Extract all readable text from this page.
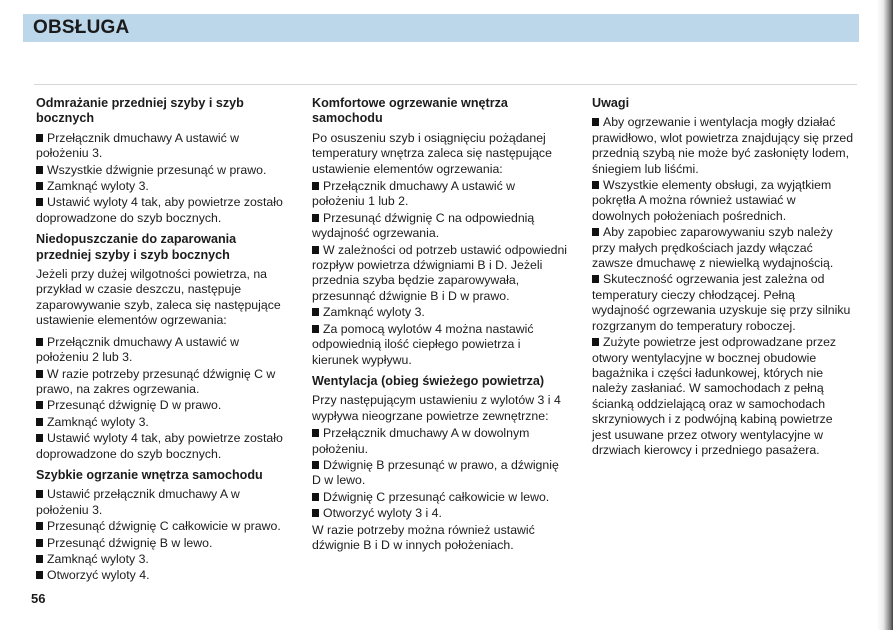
OBSŁUGA
Odmrażanie przedniej szyby i szyb bocznych
Przełącznik dmuchawy A ustawić w położeniu 3.
Wszystkie dźwignie przesunąć w prawo.
Zamknąć wyloty 3.
Ustawić wyloty 4 tak, aby powietrze zostało doprowadzone do szyb bocznych.
Niedopuszczanie do zaparowania przedniej szyby i szyb bocznych
Jeżeli przy dużej wilgotności powietrza, na przykład w czasie deszczu, następuje zaparowywanie szyb, zaleca się następujące ustawienie elementów ogrzewania:
Przełącznik dmuchawy A ustawić w położeniu 2 lub 3.
W razie potrzeby przesunąć dźwignię C w prawo, na zakres ogrzewania.
Przesunąć dźwignię D w prawo.
Zamknąć wyloty 3.
Ustawić wyloty 4 tak, aby powietrze zostało doprowadzone do szyb bocznych.
Szybkie ogrzanie wnętrza samochodu
Ustawić przełącznik dmuchawy A w położeniu 3.
Przesunąć dźwignię C całkowicie w prawo.
Przesunąć dźwignię B w lewo.
Zamknąć wyloty 3.
Otworzyć wyloty 4.
Komfortowe ogrzewanie wnętrza samochodu
Po osuszeniu szyb i osiągnięciu pożądanej temperatury wnętrza zaleca się następujące ustawienie elementów ogrzewania:
Przełącznik dmuchawy A ustawić w położeniu 1 lub 2.
Przesunąć dźwignię C na odpowiednią wydajność ogrzewania.
W zależności od potrzeb ustawić odpowiedni rozpływ powietrza dźwigniami B i D. Jeżeli przednia szyba będzie zaparowywała, przesunnąć dźwignie B i D w prawo.
Zamknąć wyloty 3.
Za pomocą wylotów 4 można nastawić odpowiednią ilość ciepłego powietrza i kierunek wypływu.
Wentylacja (obieg świeżego powietrza)
Przy następującym ustawieniu z wylotów 3 i 4 wypływa nieogrzane powietrze zewnętrzne:
Przełącznik dmuchawy A w dowolnym położeniu.
Dźwignię B przesunąć w prawo, a dźwignię D w lewo.
Dźwignię C przesunąć całkowicie w lewo.
Otworzyć wyloty 3 i 4.
W razie potrzeby można również ustawić dźwignie B i D w innych położeniach.
Uwagi
Aby ogrzewanie i wentylacja mogły działać prawidłowo, wlot powietrza znajdujący się przed przednią szybą nie może być zasłonięty lodem, śniegiem lub liśćmi.
Wszystkie elementy obsługi, za wyjątkiem pokrętła A można również ustawiać w dowolnych położeniach pośrednich.
Aby zapobiec zaparowywaniu szyb należy przy małych prędkościach jazdy włączać zawsze dmuchawę z niewielką wydajnością.
Skuteczność ogrzewania jest zależna od temperatury cieczy chłodzącej. Pełną wydajność ogrzewania uzyskuje się przy silniku rozgrzanym do temperatury roboczej.
Zużyte powietrze jest odprowadzane przez otwory wentylacyjne w bocznej obudowie bagażnika i części ładunkowej, których nie należy zasłaniać. W samochodach z pełną ścianką oddzielającą oraz w samochodach skrzyniowych i z podwójną kabiną powietrze jest usuwane przez otwory wentylacyjne w drzwiach kierowcy i przedniego pasażera.
56
